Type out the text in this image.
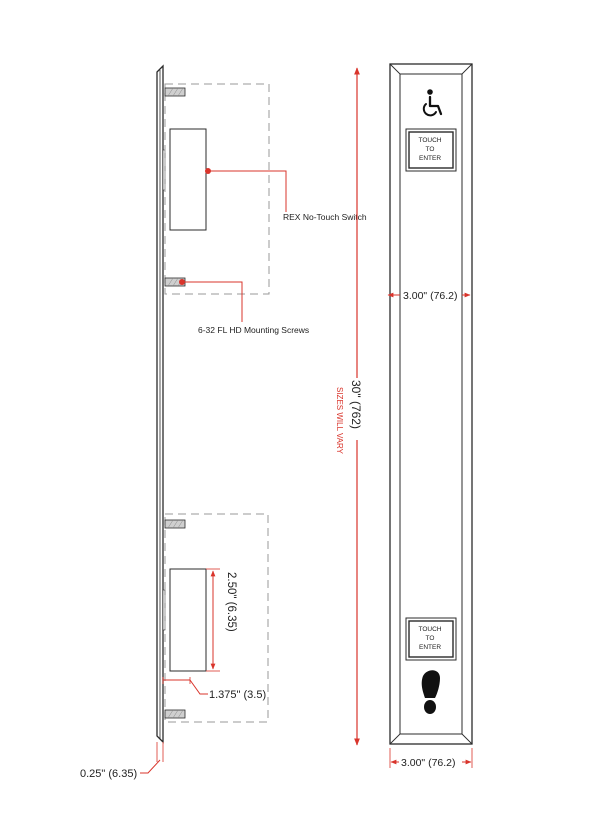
REX No-Touch Switch
6-32 FL HD Mounting Screws
2.50" (6.35)
1.375" (3.5)
0.25" (6.35)
30" (762)
SIZES WILL VARY
TOUCH
TO
ENTER
3.00" (76.2)
TOUCH
TO
ENTER
3.00" (76.2)
